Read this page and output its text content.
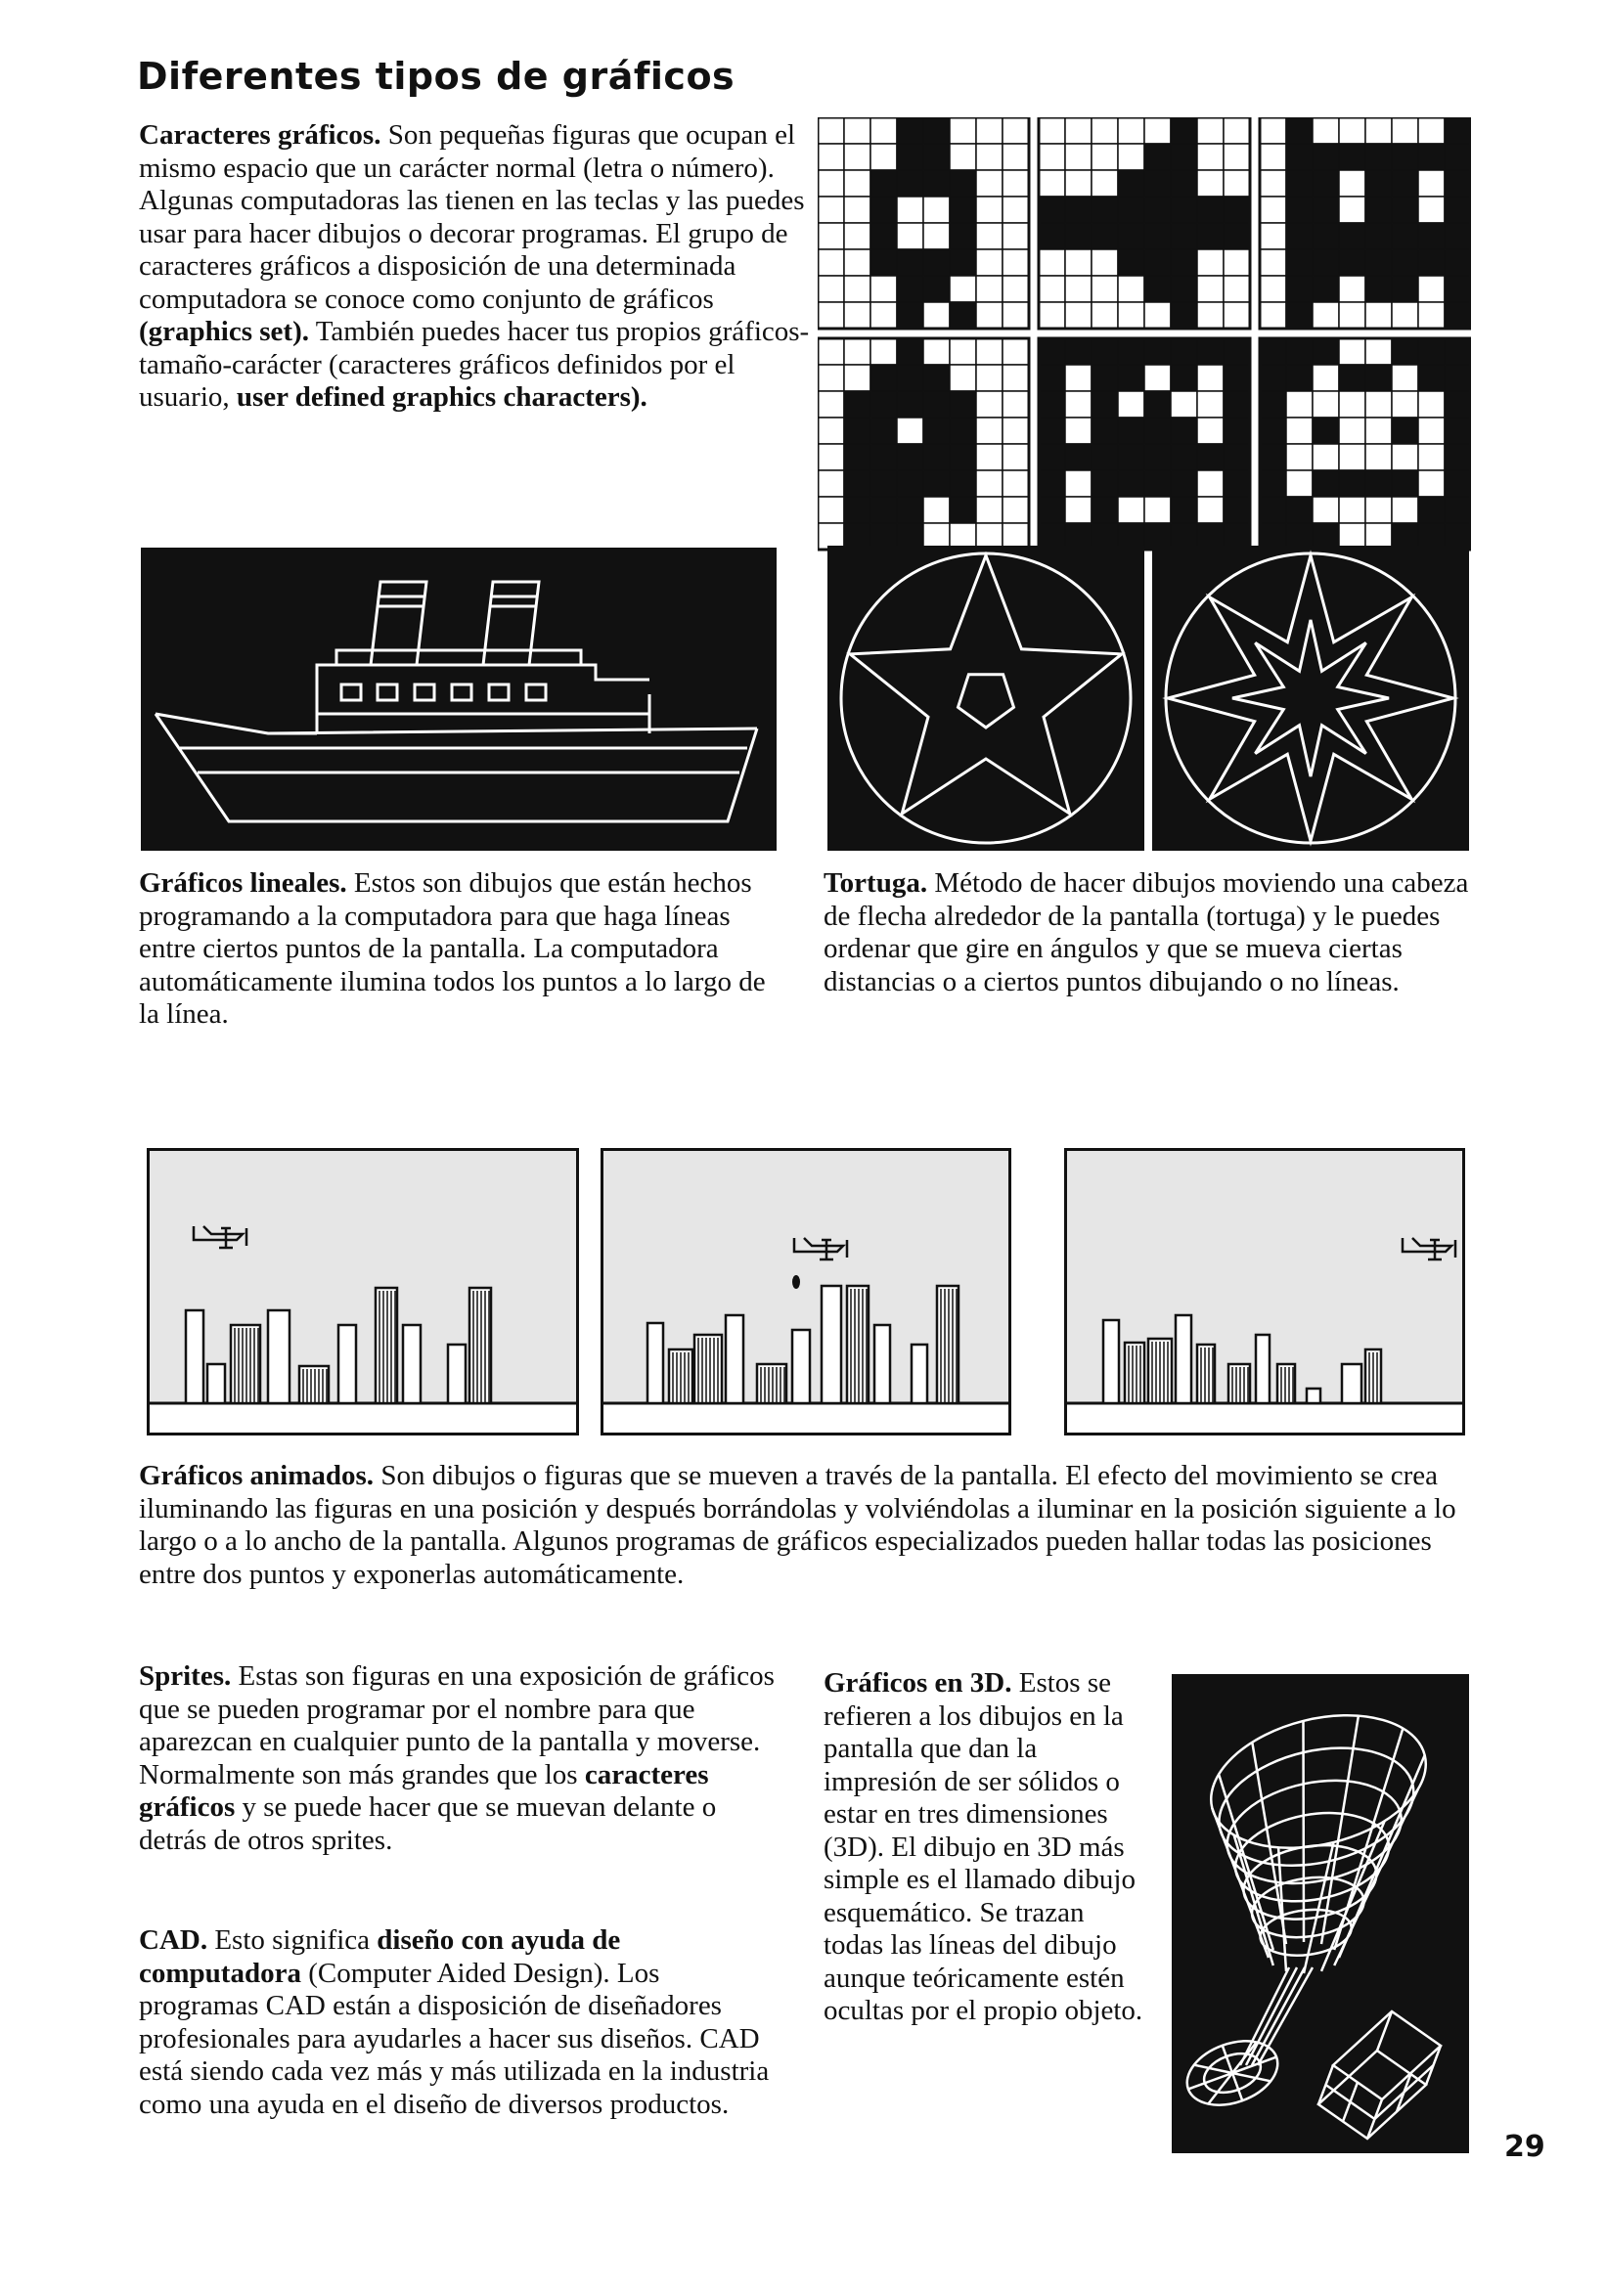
Diferentes tipos de gráficos

Caracteres gráficos. Son pequeñas figuras que ocupan el mismo espacio que un carácter normal (letra o número). Algunas computadoras las tienen en las teclas y las puedes usar para hacer dibujos o decorar programas. El grupo de caracteres gráficos a disposición de una determinada computadora se conoce como conjunto de gráficos (graphics set). También puedes hacer tus propios gráficos-tamaño-carácter (caracteres gráficos definidos por el usuario, user defined graphics characters).

Gráficos lineales. Estos son dibujos que están hechos programando a la computadora para que haga líneas entre ciertos puntos de la pantalla. La computadora automáticamente ilumina todos los puntos a lo largo de la línea.

Tortuga. Método de hacer dibujos moviendo una cabeza de flecha alrededor de la pantalla (tortuga) y le puedes ordenar que gire en ángulos y que se mueva ciertas distancias o a ciertos puntos dibujando o no líneas.

Gráficos animados. Son dibujos o figuras que se mueven a través de la pantalla. El efecto del movimiento se crea iluminando las figuras en una posición y después borrándolas y volviéndolas a iluminar en la posición siguiente a lo largo o a lo ancho de la pantalla. Algunos programas de gráficos especializados pueden hallar todas las posiciones entre dos puntos y exponerlas automáticamente.

Sprites. Estas son figuras en una exposición de gráficos que se pueden programar por el nombre para que aparezcan en cualquier punto de la pantalla y moverse. Normalmente son más grandes que los caracteres gráficos y se puede hacer que se muevan delante o detrás de otros sprites.

CAD. Esto significa diseño con ayuda de computadora (Computer Aided Design). Los programas CAD están a disposición de diseñadores profesionales para ayudarles a hacer sus diseños. CAD está siendo cada vez más y más utilizada en la industria como una ayuda en el diseño de diversos productos.

Gráficos en 3D. Estos se refieren a los dibujos en la pantalla que dan la impresión de ser sólidos o estar en tres dimensiones (3D). El dibujo en 3D más simple es el llamado dibujo esquemático. Se trazan todas las líneas del dibujo aunque teóricamente estén ocultas por el propio objeto.

29
